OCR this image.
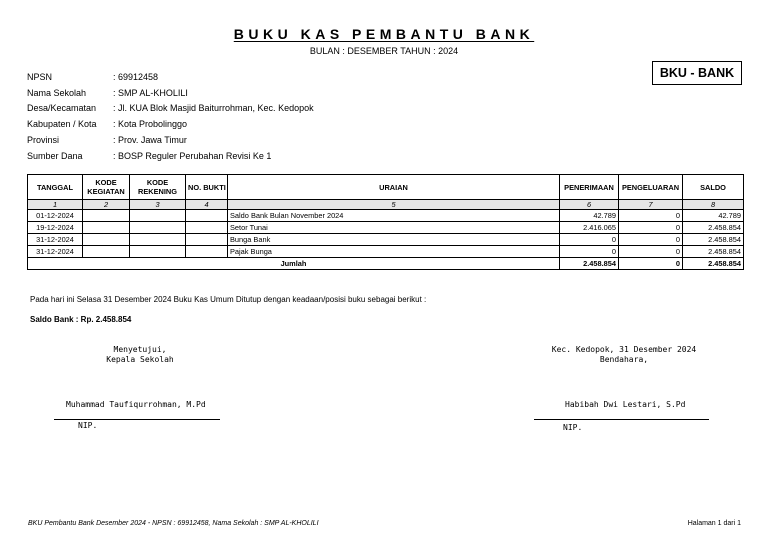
BUKU KAS PEMBANTU BANK
BULAN : DESEMBER TAHUN : 2024
BKU - BANK
NPSN	: 69912458
Nama Sekolah	: SMP AL-KHOLILI
Desa/Kecamatan	: Jl. KUA Blok Masjid Baiturrohman, Kec. Kedopok
Kabupaten / Kota	: Kota Probolinggo
Provinsi	: Prov. Jawa Timur
Sumber Dana	: BOSP Reguler Perubahan Revisi Ke 1
TANGGAL	KODE KEGIATAN	KODE REKENING	NO. BUKTI	URAIAN	PENERIMAAN	PENGELUARAN	SALDO
1	2	3	4	5	6	7	8
01-12-2024				Saldo Bank Bulan November 2024	42.789	0	42.789
19-12-2024				Setor Tunai	2.416.065	0	2.458.854
31-12-2024				Bunga Bank	0	0	2.458.854
31-12-2024				Pajak Bunga	0	0	2.458.854
Jumlah					2.458.854	0	2.458.854
Pada hari ini Selasa 31 Desember 2024 Buku Kas Umum Ditutup dengan keadaan/posisi buku sebagai berikut :
Saldo Bank : Rp. 2.458.854
Menyetujui,
Kepala Sekolah
Kec. Kedopok, 31 Desember 2024
Bendahara,
Muhammad Taufiqurrohman, M.Pd	Habibah Dwi Lestari, S.Pd
NIP.	NIP.
BKU Pembantu Bank Desember 2024 - NPSN : 69912458, Nama Sekolah : SMP AL-KHOLILI	Halaman 1 dari 1
